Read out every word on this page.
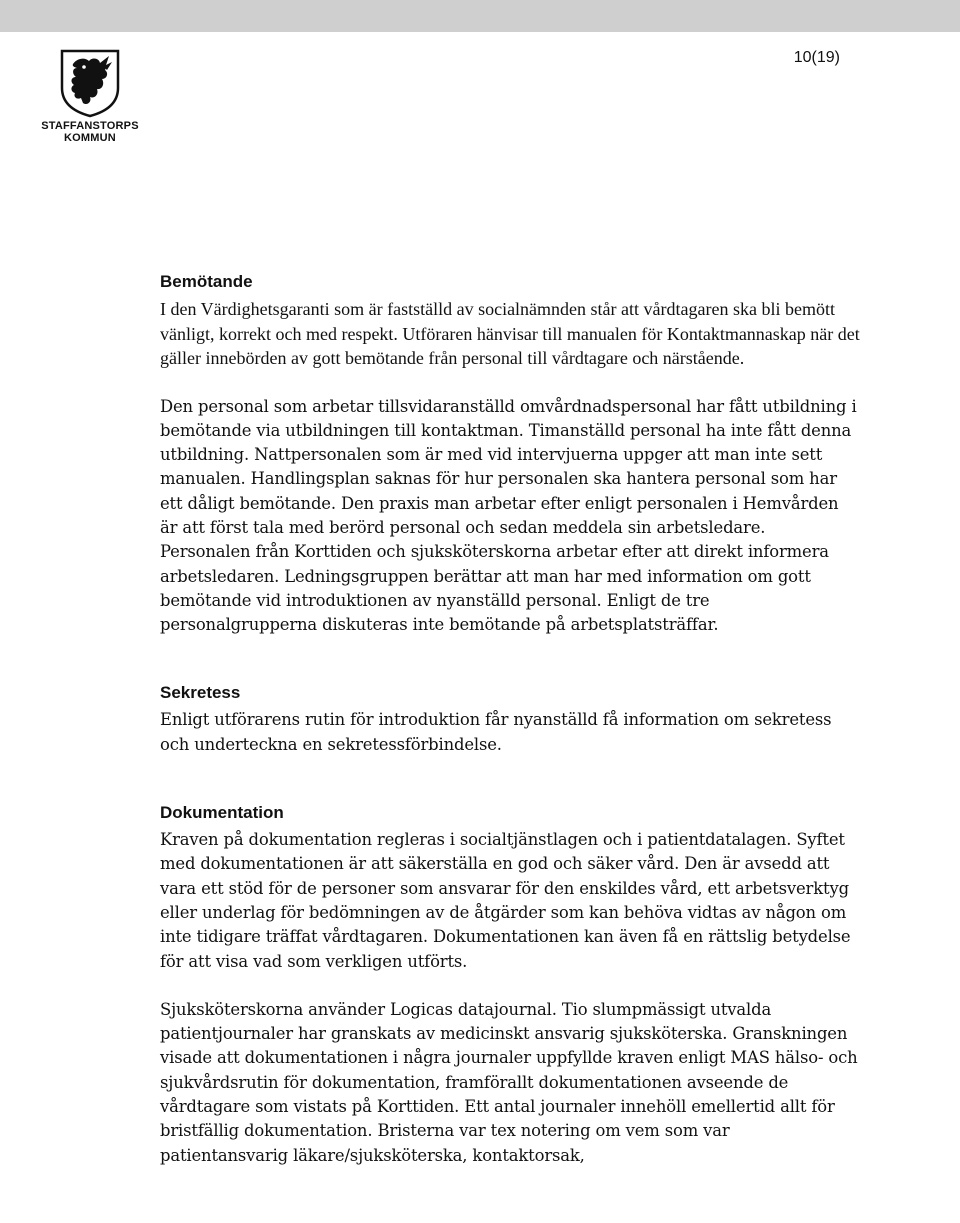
10(19)
STAFFANSTORPS
KOMMUN
Bemötande

I den Värdighetsgaranti som är fastställd av socialnämnden står att vårdtagaren ska bli bemött vänligt, korrekt och med respekt. Utföraren hänvisar till manualen för Kontaktmannaskap när det gäller innebörden av gott bemötande från personal till vårdtagare och närstående.

Den personal som arbetar tillsvidaranställd omvårdnadspersonal har fått utbildning i bemötande via utbildningen till kontaktman. Timanställd personal ha inte fått denna utbildning. Nattpersonalen som är med vid intervjuerna uppger att man inte sett manualen. Handlingsplan saknas för hur personalen ska hantera personal som har ett dåligt bemötande. Den praxis man arbetar efter enligt personalen i Hemvården är att först tala med berörd personal och sedan meddela sin arbetsledare. Personalen från Korttiden och sjuksköterskorna arbetar efter att direkt informera arbetsledaren. Ledningsgruppen berättar att man har med information om gott bemötande vid introduktionen av nyanställd personal. Enligt de tre personalgrupperna diskuteras inte bemötande på arbetsplatsträffar.

Sekretess

Enligt utförarens rutin för introduktion får nyanställd få information om sekretess och underteckna en sekretessförbindelse.

Dokumentation

Kraven på dokumentation regleras i socialtjänstlagen och i patientdatalagen. Syftet med dokumentationen är att säkerställa en god och säker vård. Den är avsedd att vara ett stöd för de personer som ansvarar för den enskildes vård, ett arbetsverktyg eller underlag för bedömningen av de åtgärder som kan behöva vidtas av någon om inte tidigare träffat vårdtagaren. Dokumentationen kan även få en rättslig betydelse för att visa vad som verkligen utförts.

Sjuksköterskorna använder Logicas datajournal. Tio slumpmässigt utvalda patientjournaler har granskats av medicinskt ansvarig sjuksköterska. Granskningen visade att dokumentationen i några journaler uppfyllde kraven enligt MAS hälso- och sjukvårdsrutin för dokumentation, framförallt dokumentationen avseende de vårdtagare som vistats på Korttiden. Ett antal journaler innehöll emellertid allt för bristfällig dokumentation. Bristerna var tex notering om vem som var patientansvarig läkare/sjuksköterska, kontaktorsak,
